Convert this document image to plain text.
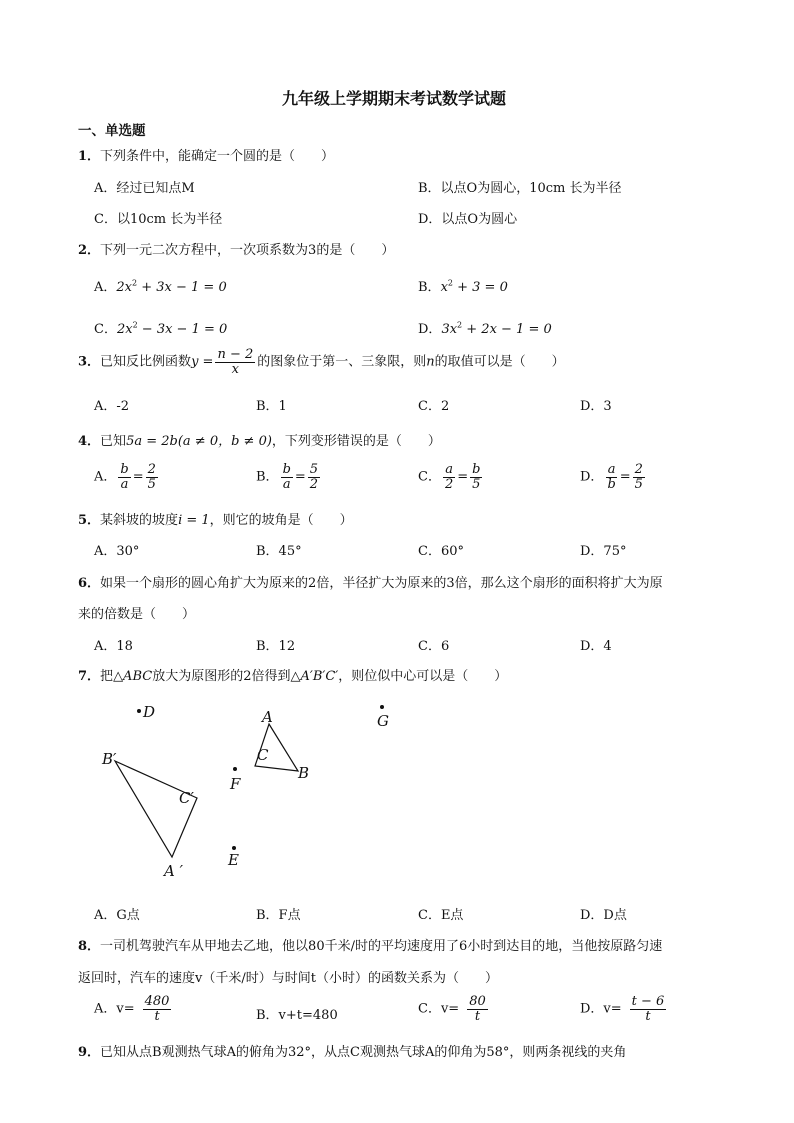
九年级上学期期末考试数学试题
一、单选题
1．下列条件中，能确定一个圆的是（　　）
A．经过已知点M	B．以点O为圆心，10cm 长为半径
C．以10cm 长为半径	D．以点O为圆心
2．下列一元二次方程中，一次项系数为3的是（　　）
A．$2x^2 + 3x - 1 = 0$	B．$x^2 + 3 = 0$
C．$2x^2 - 3x - 1 = 0$	D．$3x^2 + 2x - 1 = 0$
3．已知反比例函数$y = \frac{n - 2}{x}$ 的图象位于第一、三象限，则n的取值可以是（　　）
A．-2	B．1	C．2	D．3
4．已知5a = 2b(a ≠ 0，b ≠ 0)，下列变形错误的是（　　）
A． $\frac{b}{a} = \frac{2}{5}$	B． $\frac{b}{a} = \frac{5}{2}$	C． $\frac{a}{2} = \frac{b}{5}$	D． $\frac{a}{b} = \frac{2}{5}$
5．某斜坡的坡度i = 1，则它的坡角是（　　）
A．30°	B．45°	C．60°	D．75°
6．如果一个扇形的圆心角扩大为原来的2倍，半径扩大为原来的3倍，那么这个扇形的面积将扩大为原
来的倍数是（　　）
A．18	B．12	C．6	D．4
7．把△ABC放大为原图形的2倍得到△A′B′C′，则位似中心可以是（　　）
D	G
A
C
B
F
E
B′
C′
A ′
A．G点	B．F点	C．E点	D．D点
8．一司机驾驶汽车从甲地去乙地，他以80千米/时的平均速度用了6小时到达目的地，当他按原路匀速
返回时，汽车的速度v（千米/时）与时间t（小时）的函数关系为（　　）
A．$v= \frac{480}{t}$	B．v+t=480	C．$v= \frac{80}{t}$	D．$v= \frac{t - 6}{t}$
9．已知从点B观测热气球A的俯角为32°，从点C观测热气球A的仰角为58°，则两条视线的夹角
